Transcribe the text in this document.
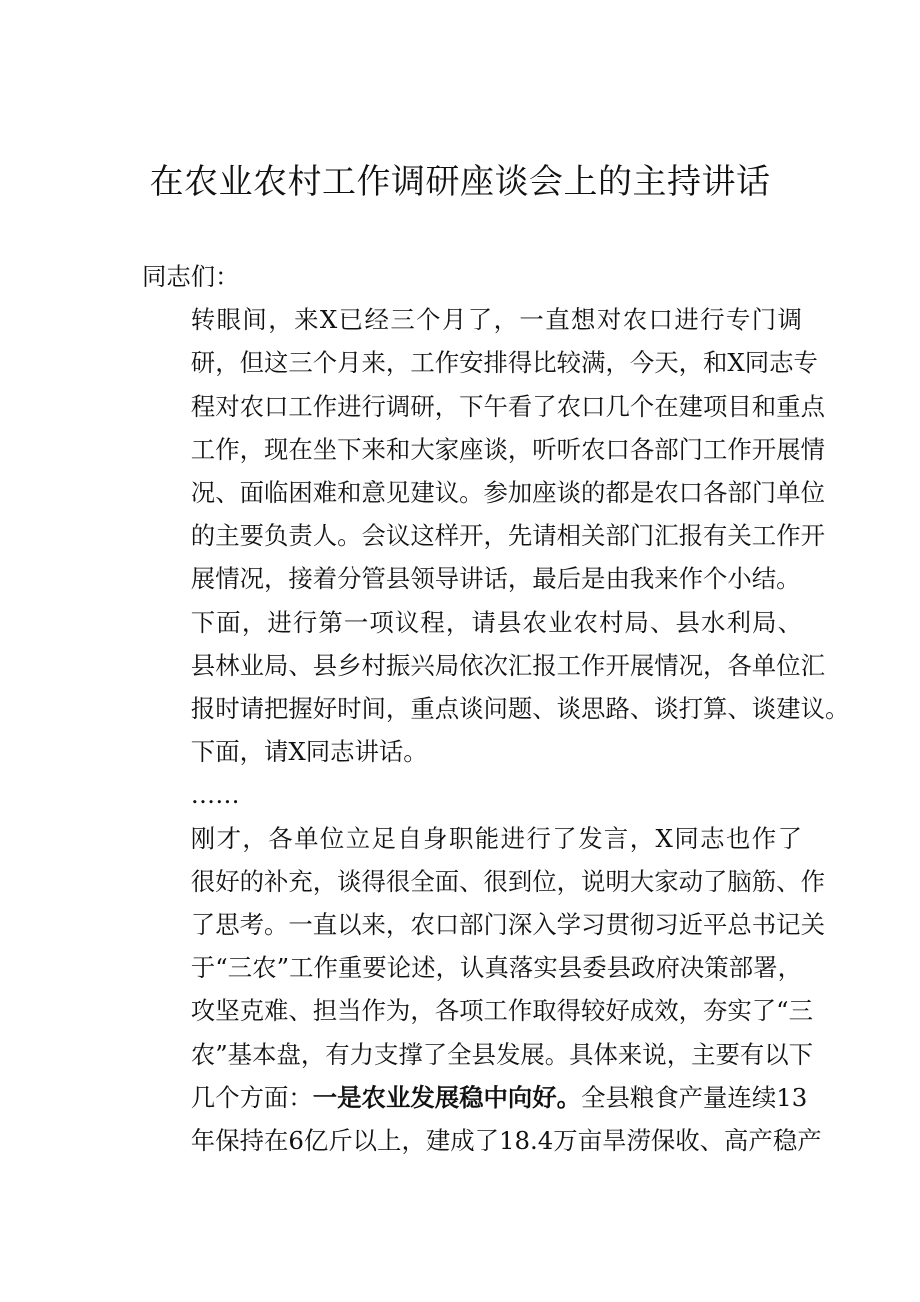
在农业农村工作调研座谈会上的主持讲话

同志们：

转眼间，来X已经三个月了，一直想对农口进行专门调
研，但这三个月来，工作安排得比较满，今天，和X同志专
程对农口工作进行调研，下午看了农口几个在建项目和重点
工作，现在坐下来和大家座谈，听听农口各部门工作开展情
况、面临困难和意见建议。参加座谈的都是农口各部门单位
的主要负责人。会议这样开，先请相关部门汇报有关工作开
展情况，接着分管县领导讲话，最后是由我来作个小结。

下面，进行第一项议程，请县农业农村局、县水利局、
县林业局、县乡村振兴局依次汇报工作开展情况，各单位汇
报时请把握好时间，重点谈问题、谈思路、谈打算、谈建议。

下面，请X同志讲话。

……

刚才，各单位立足自身职能进行了发言，X同志也作了
很好的补充，谈得很全面、很到位，说明大家动了脑筋、作
了思考。一直以来，农口部门深入学习贯彻习近平总书记关
于“三农”工作重要论述，认真落实县委县政府决策部署，
攻坚克难、担当作为，各项工作取得较好成效，夯实了“三
农”基本盘，有力支撑了全县发展。具体来说，主要有以下
几个方面：一是农业发展稳中向好。全县粮食产量连续13
年保持在6亿斤以上，建成了18.4万亩旱涝保收、高产稳产
